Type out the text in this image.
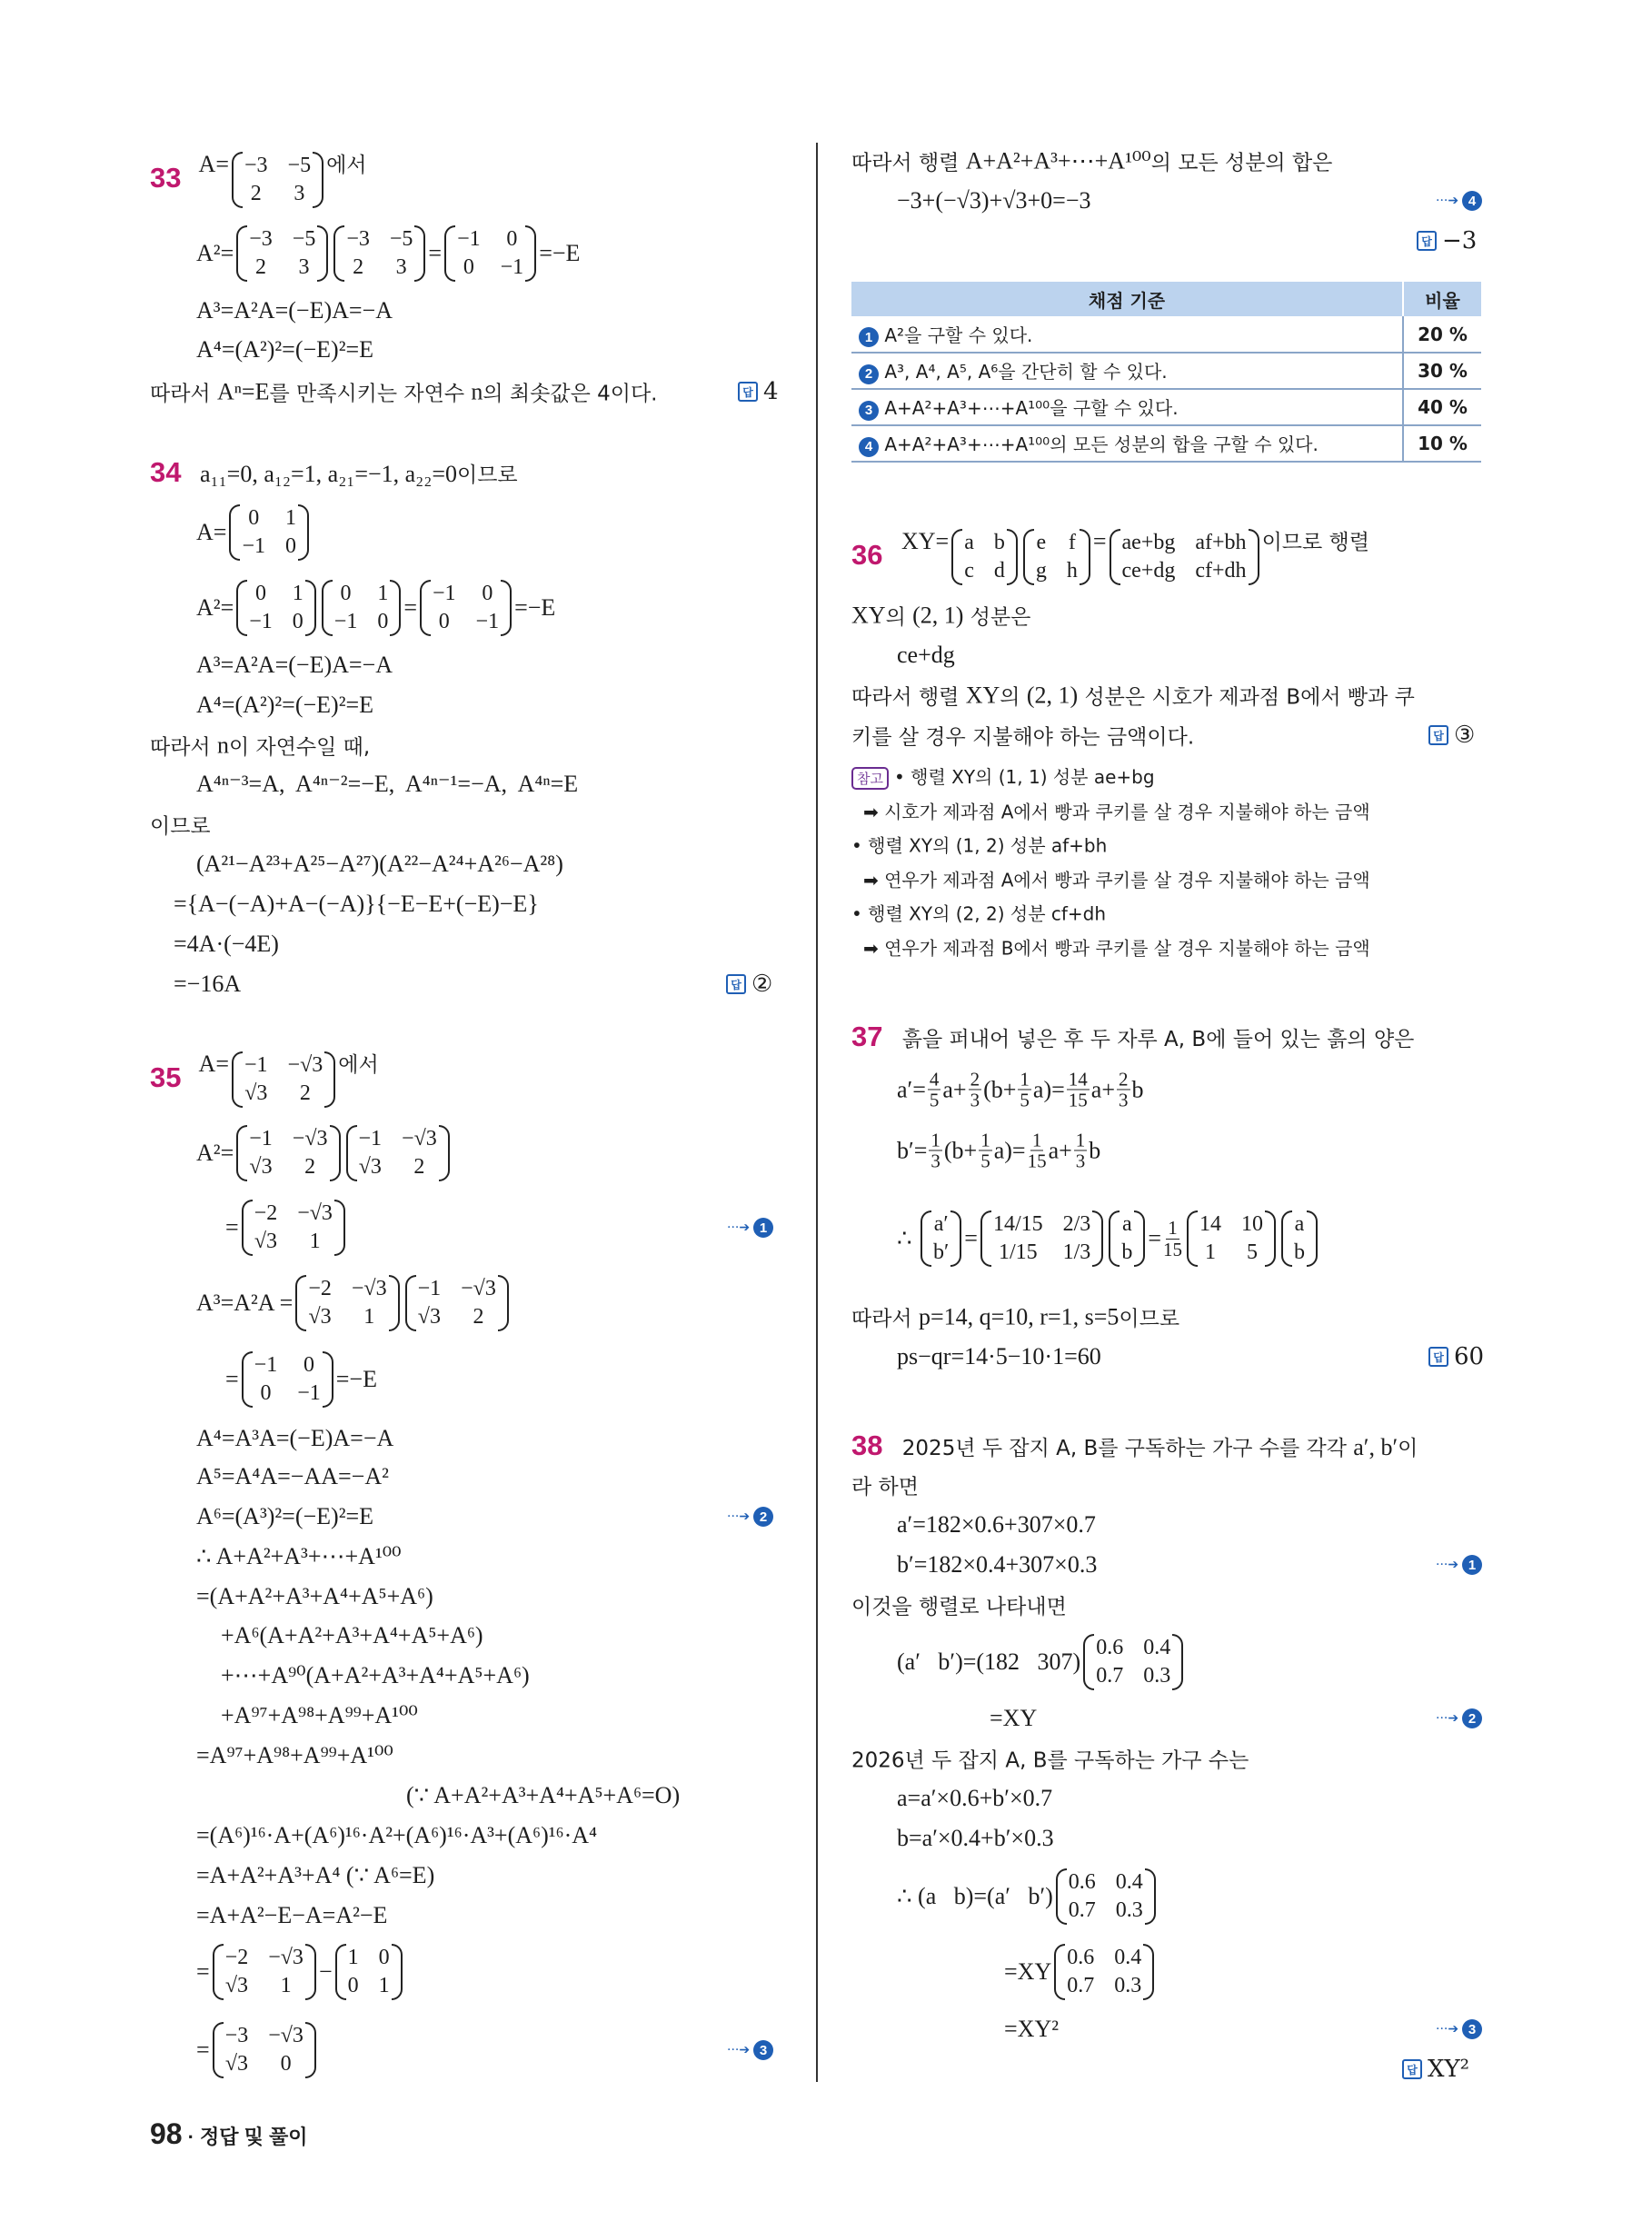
33 A= −3 −5
2 3
에서
A²=
−3 −5
2 3
−3 −5
2 3
=
−1 0
0 −1
=−E
A³=A²A=(−E)A=−A
A⁴=(A²)²=(−E)²=E
따라서 Aⁿ=E 를 만족시키는 자연수 n 의 최솟값은 4이다.	답 4
34 a₁₁=0, a₁₂=1, a₂₁=−1, a₂₂=0이므로
A=
0 1
−1 0
A²=
0 1
−1 0
0 1
−1 0
=
−1 0
0 −1
=−E
A³=A²A=(−E)A=−A
A⁴=(A²)²=(−E)²=E
따라서 n 이 자연수일 때,
A⁴ⁿ⁻³=A,  A⁴ⁿ⁻²=−E,  A⁴ⁿ⁻¹=−A,  A⁴ⁿ=E
이므로
(A²¹−A²³+A²⁵−A²⁷)(A²²−A²⁴+A²⁶−A²⁸)
={A−(−A)+A−(−A)}{−E−E+(−E)−E}
=4A·(−4E)
=−16A	답 ②
35 A= −1 −√3
√3	2
에서
A²=
−1 −√3
√3	2
−1 −√3
√3	2
=
−2 −√3
√3	1
···➔ 1
A³=A²A =
−2 −√3
√3	1
−1 −√3
√3	2
=
−1 0
0 −1
=−E
A⁴=A³A=(−E)A=−A
A⁵=A⁴A=−AA=−A²
A⁶=(A³)²=(−E)²=E	···➔ 2
∴ A+A²+A³+⋯+A¹⁰⁰
=(A+A²+A³+A⁴+A⁵+A⁶)
+A⁶(A+A²+A³+A⁴+A⁵+A⁶)
+⋯+A⁹⁰(A+A²+A³+A⁴+A⁵+A⁶)
+A⁹⁷+A⁹⁸+A⁹⁹+A¹⁰⁰
=A⁹⁷+A⁹⁸+A⁹⁹+A¹⁰⁰
(∵ A+A²+A³+A⁴+A⁵+A⁶=O)
=(A⁶)¹⁶·A+(A⁶)¹⁶·A²+(A⁶)¹⁶·A³+(A⁶)¹⁶·A⁴
=A+A²+A³+A⁴ (∵ A⁶=E)
=A+A²−E−A=A²−E
=
−2 −√3
√3	1
−
1 0
0 1
=
−3 −√3
√3	0
···➔ 3
따라서 행렬 A+A²+A³+⋯+A¹⁰⁰ 의 모든 성분의 합은
−3+(−√3)+√3+0=−3	···➔ 4
답 −3
채점 기준	비율
1 A²을 구할 수 있다.	20 %
2 A³, A⁴, A⁵, A⁶을 간단히 할 수 있다.	30 %
3 A+A²+A³+⋯+A¹⁰⁰을 구할 수 있다.	40 %
4 A+A²+A³+⋯+A¹⁰⁰의 모든 성분의 합을 구할 수 있다.	10 %
36 XY= a b
c d
e f
g h
= ae+bg af+bh
ce+dg cf+dh
이므로 행렬
XY 의 (2, 1) 성분은
ce+dg
따라서 행렬 XY 의 (2, 1) 성분은 시호가 제과점 B에서 빵과 쿠
키를 살 경우 지불해야 하는 금액이다.	답 ③
참고 • 행렬 XY의 (1, 1) 성분 ae+bg
➡ 시호가 제과점 A에서 빵과 쿠키를 살 경우 지불해야 하는 금액
• 행렬 XY의 (1, 2) 성분 af+bh
➡ 연우가 제과점 A에서 빵과 쿠키를 살 경우 지불해야 하는 금액
• 행렬 XY의 (2, 2) 성분 cf+dh
➡ 연우가 제과점 B에서 빵과 쿠키를 살 경우 지불해야 하는 금액
37 흙을 퍼내어 넣은 후 두 자루 A, B에 들어 있는 흙의 양은
$a'= \frac{4}{5} a+ \frac{2}{3} (b+ \frac{1}{5} a)= \frac{14}{15} a+ \frac{2}{3}$ b
$b'= \frac{1}{3} (b+ \frac{1}{5} a)= \frac{1}{15} a+ \frac{1}{3}$ b
∴
a′
b′
=
14/15 2/3
1/15 1/3
a
b
= $\frac{1}{15} 14$ 10
1 5
a
b
따라서 p=14, q=10, r=1, s=5 이므로
ps−qr=14·5−10·1=60	답 60
38 2025년 두 잡지 A, B를 구독하는 가구 수를 각각 a′, b′이
라 하면
a′=182×0.6+307×0.7
b′=182×0.4+307×0.3	···➔ 1
이것을 행렬로 나타내면
(a′   b′)=(182   307)
0.6 0.4
0.7 0.3
=XY	···➔ 2
2026년 두 잡지 A, B를 구독하는 가구 수는
a=a′×0.6+b′×0.7
b=a′×0.4+b′×0.3
∴ (a   b)=(a′   b′)
0.6 0.4
0.7 0.3
=XY
0.6 0.4
0.7 0.3
=XY²	···➔ 3
답 XY²
98 · 정답 및 풀이
